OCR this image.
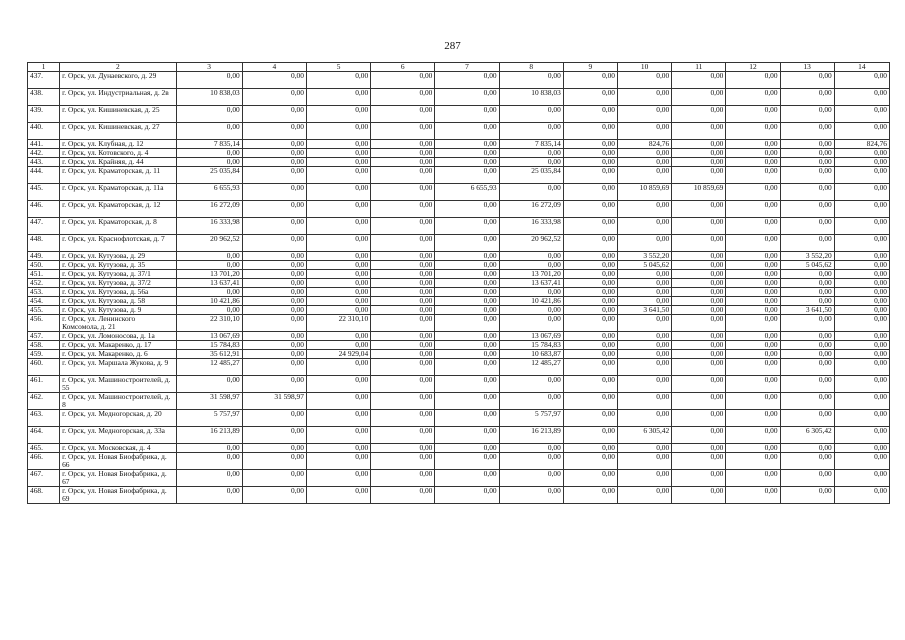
287
1	2	3	4	5	6	7	8	9	10	11	12	13	14
437.	г. Орск, ул. Дунаевского, д. 29	0,00	0,00	0,00	0,00	0,00	0,00	0,00	0,00	0,00	0,00	0,00	0,00
438.	г. Орск, ул. Индустриальная, д. 2в	10 838,03	0,00	0,00	0,00	0,00	10 838,03	0,00	0,00	0,00	0,00	0,00	0,00
439.	г. Орск, ул. Кишиневская, д. 25	0,00	0,00	0,00	0,00	0,00	0,00	0,00	0,00	0,00	0,00	0,00	0,00
440.	г. Орск, ул. Кишиневская, д. 27	0,00	0,00	0,00	0,00	0,00	0,00	0,00	0,00	0,00	0,00	0,00	0,00
441.	г. Орск, ул. Клубная, д. 12	7 835,14	0,00	0,00	0,00	0,00	7 835,14	0,00	824,76	0,00	0,00	0,00	824,76
442.	г. Орск, ул. Котовского, д. 4	0,00	0,00	0,00	0,00	0,00	0,00	0,00	0,00	0,00	0,00	0,00	0,00
443.	г. Орск, ул. Крайняя, д. 44	0,00	0,00	0,00	0,00	0,00	0,00	0,00	0,00	0,00	0,00	0,00	0,00
444.	г. Орск, ул. Краматорская, д. 11	25 035,84	0,00	0,00	0,00	0,00	25 035,84	0,00	0,00	0,00	0,00	0,00	0,00
445.	г. Орск, ул. Краматорская, д. 11а	6 655,93	0,00	0,00	0,00	6 655,93	0,00	0,00	10 859,69	10 859,69	0,00	0,00	0,00
446.	г. Орск, ул. Краматорская, д. 12	16 272,09	0,00	0,00	0,00	0,00	16 272,09	0,00	0,00	0,00	0,00	0,00	0,00
447.	г. Орск, ул. Краматорская, д. 8	16 333,98	0,00	0,00	0,00	0,00	16 333,98	0,00	0,00	0,00	0,00	0,00	0,00
448.	г. Орск, ул. Краснофлотская, д. 7	20 962,52	0,00	0,00	0,00	0,00	20 962,52	0,00	0,00	0,00	0,00	0,00	0,00
449.	г. Орск, ул. Кутузова, д. 29	0,00	0,00	0,00	0,00	0,00	0,00	0,00	3 552,20	0,00	0,00	3 552,20	0,00
450.	г. Орск, ул. Кутузова, д. 35	0,00	0,00	0,00	0,00	0,00	0,00	0,00	5 045,62	0,00	0,00	5 045,62	0,00
451.	г. Орск, ул. Кутузова, д. 37/1	13 701,20	0,00	0,00	0,00	0,00	13 701,20	0,00	0,00	0,00	0,00	0,00	0,00
452.	г. Орск, ул. Кутузова, д. 37/2	13 637,41	0,00	0,00	0,00	0,00	13 637,41	0,00	0,00	0,00	0,00	0,00	0,00
453.	г. Орск, ул. Кутузова, д. 56а	0,00	0,00	0,00	0,00	0,00	0,00	0,00	0,00	0,00	0,00	0,00	0,00
454.	г. Орск, ул. Кутузова, д. 58	10 421,86	0,00	0,00	0,00	0,00	10 421,86	0,00	0,00	0,00	0,00	0,00	0,00
455.	г. Орск, ул. Кутузова, д. 9	0,00	0,00	0,00	0,00	0,00	0,00	0,00	3 641,50	0,00	0,00	3 641,50	0,00
456.	г. Орск, ул. Ленинского Комсомола, д. 21	22 310,10	0,00	22 310,10	0,00	0,00	0,00	0,00	0,00	0,00	0,00	0,00	0,00
457.	г. Орск, ул. Ломоносова, д. 1а	13 067,69	0,00	0,00	0,00	0,00	13 067,69	0,00	0,00	0,00	0,00	0,00	0,00
458.	г. Орск, ул. Макаренко, д. 17	15 784,83	0,00	0,00	0,00	0,00	15 784,83	0,00	0,00	0,00	0,00	0,00	0,00
459.	г. Орск, ул. Макаренко, д. 6	35 612,91	0,00	24 929,04	0,00	0,00	10 683,87	0,00	0,00	0,00	0,00	0,00	0,00
460.	г. Орск, ул. Маршала Жукова, д. 9	12 485,27	0,00	0,00	0,00	0,00	12 485,27	0,00	0,00	0,00	0,00	0,00	0,00
461.	г. Орск, ул. Машиностроителей, д. 55	0,00	0,00	0,00	0,00	0,00	0,00	0,00	0,00	0,00	0,00	0,00	0,00
462.	г. Орск, ул. Машиностроителей, д. 8	31 598,97	31 598,97	0,00	0,00	0,00	0,00	0,00	0,00	0,00	0,00	0,00	0,00
463.	г. Орск, ул. Медногорская, д. 20	5 757,97	0,00	0,00	0,00	0,00	5 757,97	0,00	0,00	0,00	0,00	0,00	0,00
464.	г. Орск, ул. Медногорская, д. 33а	16 213,89	0,00	0,00	0,00	0,00	16 213,89	0,00	6 305,42	0,00	0,00	6 305,42	0,00
465.	г. Орск, ул. Московская, д. 4	0,00	0,00	0,00	0,00	0,00	0,00	0,00	0,00	0,00	0,00	0,00	0,00
466.	г. Орск, ул. Новая Биофабрика, д. 66	0,00	0,00	0,00	0,00	0,00	0,00	0,00	0,00	0,00	0,00	0,00	0,00
467.	г. Орск, ул. Новая Биофабрика, д. 67	0,00	0,00	0,00	0,00	0,00	0,00	0,00	0,00	0,00	0,00	0,00	0,00
468.	г. Орск, ул. Новая Биофабрика, д. 69	0,00	0,00	0,00	0,00	0,00	0,00	0,00	0,00	0,00	0,00	0,00	0,00
